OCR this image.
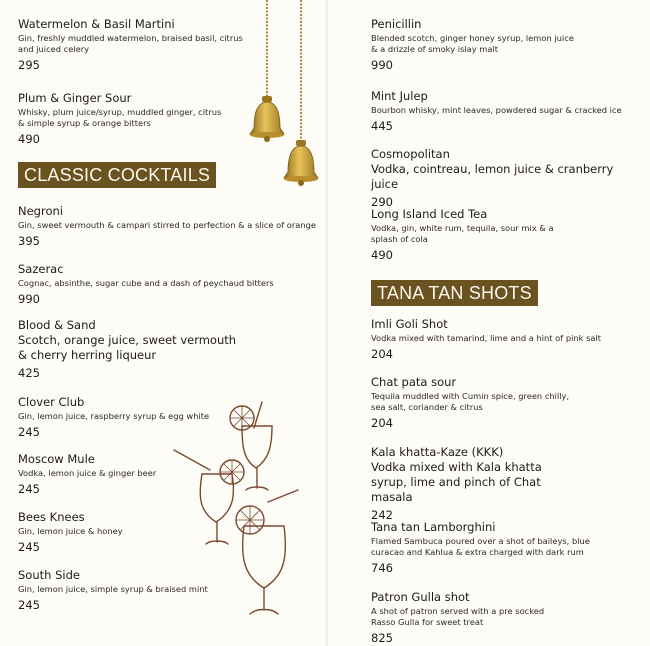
Watermelon & Basil Martini
Gin, freshly muddled watermelon, braised basil, citrus and juiced celery
295
Plum & Ginger Sour
Whisky, plum juice/syrup, muddled ginger, citrus & simple syrup & orange bitters
490
CLASSIC COCKTAILS
Negroni
Gin, sweet vermouth & campari stirred to perfection & a slice of orange
395
Sazerac
Cognac, absinthe, sugar cube and a dash of peychaud bitters
990
Blood & Sand
Scotch, orange juice, sweet vermouth & cherry herring liqueur
425
Clover Club
Gin, lemon juice, raspberry syrup & egg white
245
Moscow Mule
Vodka, lemon juice & ginger beer
245
Bees Knees
Gin, lemon juice & honey
245
South Side
Gin, lemon juice, simple syrup & braised mint
245
Penicillin
Blended scotch, ginger honey syrup, lemon juice & a drizzle of smoky islay malt
990
Mint Julep
Bourbon whisky, mint leaves, powdered sugar & cracked ice
445
Cosmopolitan
Vodka, cointreau, lemon juice & cranberry juice
290
Long Island Iced Tea
Vodka, gin, white rum, tequila, sour mix & a splash of cola
490
TANA TAN SHOTS
Imli Goli Shot
Vodka mixed with tamarind, lime and a hint of pink salt
204
Chat pata sour
Tequila muddled with Cumin spice, green chilly, sea salt, coriander & citrus
204
Kala khatta-Kaze (KKK)
Vodka mixed with Kala khatta syrup, lime and pinch of Chat masala
242
Tana tan Lamborghini
Flamed Sambuca poured over a shot of baileys, blue curacao and Kahlua & extra charged with dark rum
746
Patron Gulla shot
A shot of patron served with a pre socked Rasso Gulla for sweet treat
825
